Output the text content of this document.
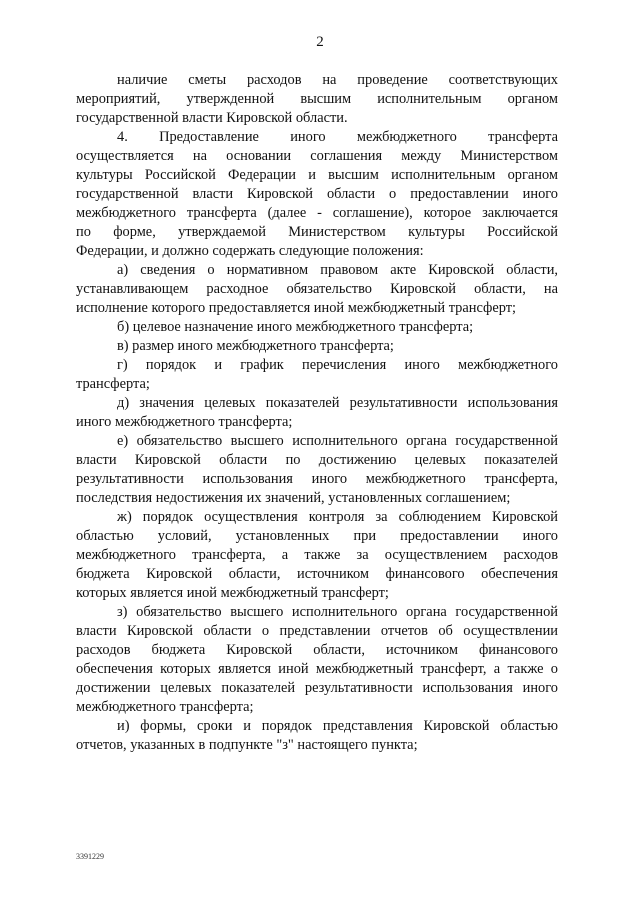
2
наличие сметы расходов на проведение соответствующих
мероприятий, утвержденной высшим исполнительным органом
государственной власти Кировской области.
4. Предоставление иного межбюджетного трансферта
осуществляется на основании соглашения между Министерством
культуры Российской Федерации и высшим исполнительным органом
государственной власти Кировской области о предоставлении иного
межбюджетного трансферта (далее - соглашение), которое заключается
по форме, утверждаемой Министерством культуры Российской
Федерации, и должно содержать следующие положения:
а) сведения о нормативном правовом акте Кировской области,
устанавливающем расходное обязательство Кировской области, на
исполнение которого предоставляется иной межбюджетный трансферт;
б) целевое назначение иного межбюджетного трансферта;
в) размер иного межбюджетного трансферта;
г) порядок и график перечисления иного межбюджетного
трансферта;
д) значения целевых показателей результативности использования
иного межбюджетного трансферта;
е) обязательство высшего исполнительного органа государственной
власти Кировской области по достижению целевых показателей
результативности использования иного межбюджетного трансферта,
последствия недостижения их значений, установленных соглашением;
ж) порядок осуществления контроля за соблюдением Кировской
областью условий, установленных при предоставлении иного
межбюджетного трансферта, а также за осуществлением расходов
бюджета Кировской области, источником финансового обеспечения
которых является иной межбюджетный трансферт;
з) обязательство высшего исполнительного органа государственной
власти Кировской области о представлении отчетов об осуществлении
расходов бюджета Кировской области, источником финансового
обеспечения которых является иной межбюджетный трансферт, а также о
достижении целевых показателей результативности использования иного
межбюджетного трансферта;
и) формы, сроки и порядок представления Кировской областью
отчетов, указанных в подпункте "з" настоящего пункта;
3391229
